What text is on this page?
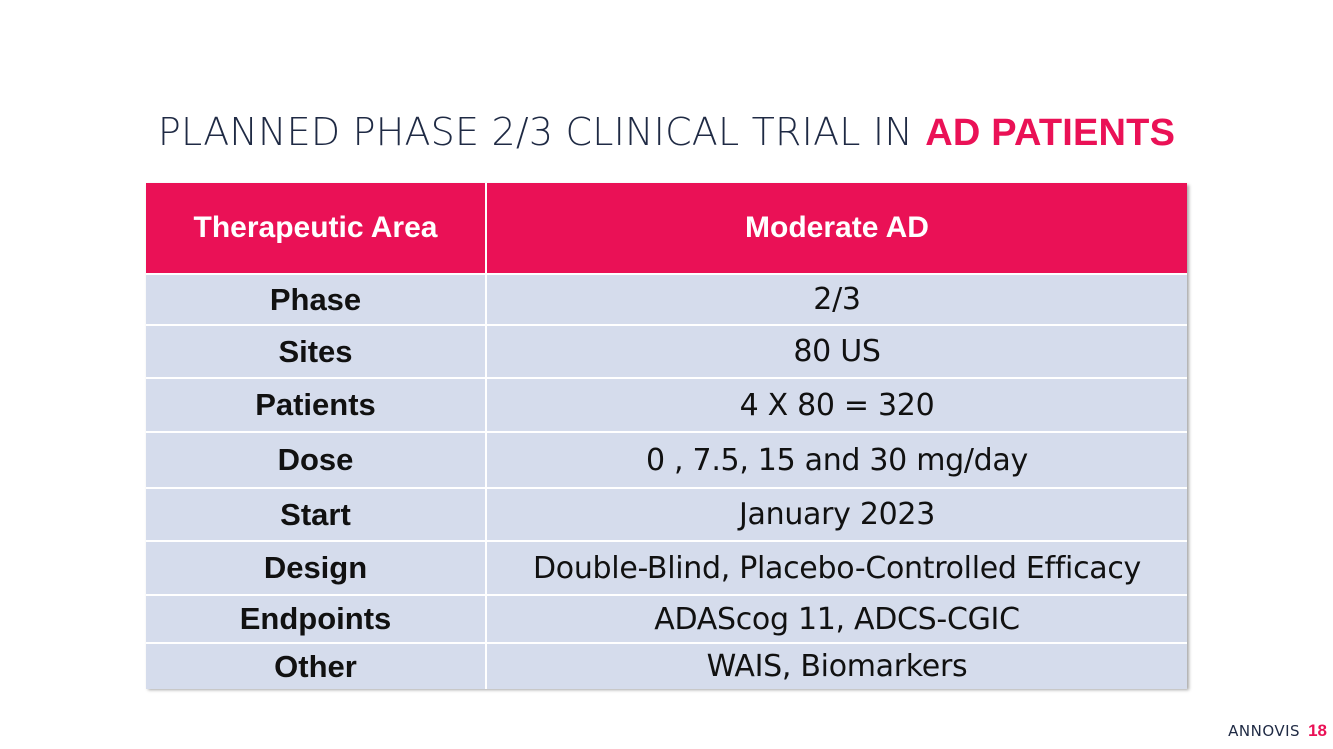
PLANNED PHASE 2/3 CLINICAL TRIAL IN AD PATIENTS
Therapeutic Area	Moderate AD
Phase	2/3
Sites	80 US
Patients	4 X 80 = 320
Dose	0 , 7.5, 15 and 30 mg/day
Start	January 2023
Design	Double-Blind, Placebo-Controlled Efficacy
Endpoints	ADAScog 11, ADCS-CGIC
Other	WAIS, Biomarkers
ANNOVIS 18
